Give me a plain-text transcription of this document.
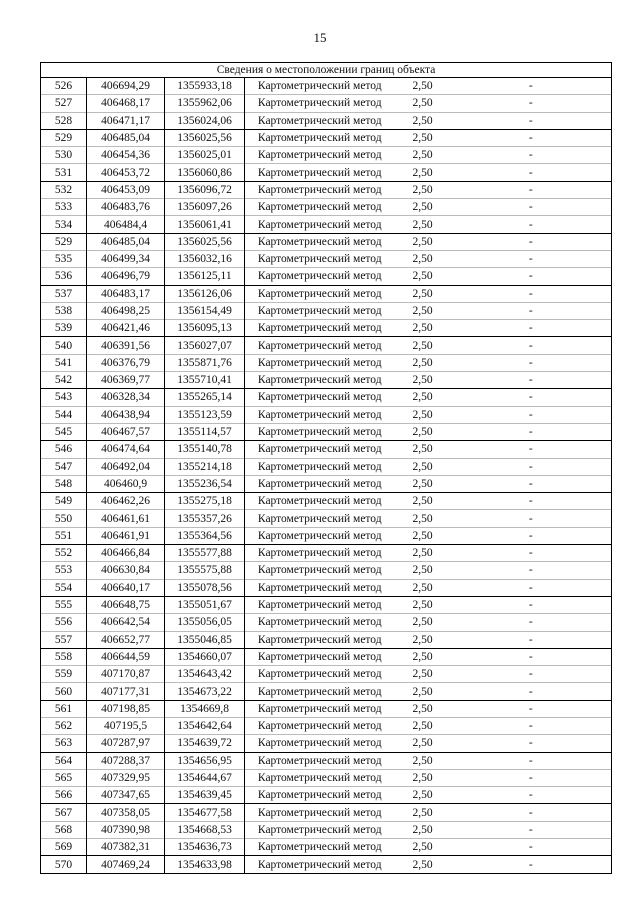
15
Сведения о местоположении границ объекта					
526	406694,29	1355933,18	Картометрический метод	2,50	-
527	406468,17	1355962,06	Картометрический метод	2,50	-
528	406471,17	1356024,06	Картометрический метод	2,50	-
529	406485,04	1356025,56	Картометрический метод	2,50	-
530	406454,36	1356025,01	Картометрический метод	2,50	-
531	406453,72	1356060,86	Картометрический метод	2,50	-
532	406453,09	1356096,72	Картометрический метод	2,50	-
533	406483,76	1356097,26	Картометрический метод	2,50	-
534	406484,4	1356061,41	Картометрический метод	2,50	-
529	406485,04	1356025,56	Картометрический метод	2,50	-
535	406499,34	1356032,16	Картометрический метод	2,50	-
536	406496,79	1356125,11	Картометрический метод	2,50	-
537	406483,17	1356126,06	Картометрический метод	2,50	-
538	406498,25	1356154,49	Картометрический метод	2,50	-
539	406421,46	1356095,13	Картометрический метод	2,50	-
540	406391,56	1356027,07	Картометрический метод	2,50	-
541	406376,79	1355871,76	Картометрический метод	2,50	-
542	406369,77	1355710,41	Картометрический метод	2,50	-
543	406328,34	1355265,14	Картометрический метод	2,50	-
544	406438,94	1355123,59	Картометрический метод	2,50	-
545	406467,57	1355114,57	Картометрический метод	2,50	-
546	406474,64	1355140,78	Картометрический метод	2,50	-
547	406492,04	1355214,18	Картометрический метод	2,50	-
548	406460,9	1355236,54	Картометрический метод	2,50	-
549	406462,26	1355275,18	Картометрический метод	2,50	-
550	406461,61	1355357,26	Картометрический метод	2,50	-
551	406461,91	1355364,56	Картометрический метод	2,50	-
552	406466,84	1355577,88	Картометрический метод	2,50	-
553	406630,84	1355575,88	Картометрический метод	2,50	-
554	406640,17	1355078,56	Картометрический метод	2,50	-
555	406648,75	1355051,67	Картометрический метод	2,50	-
556	406642,54	1355056,05	Картометрический метод	2,50	-
557	406652,77	1355046,85	Картометрический метод	2,50	-
558	406644,59	1354660,07	Картометрический метод	2,50	-
559	407170,87	1354643,42	Картометрический метод	2,50	-
560	407177,31	1354673,22	Картометрический метод	2,50	-
561	407198,85	1354669,8	Картометрический метод	2,50	-
562	407195,5	1354642,64	Картометрический метод	2,50	-
563	407287,97	1354639,72	Картометрический метод	2,50	-
564	407288,37	1354656,95	Картометрический метод	2,50	-
565	407329,95	1354644,67	Картометрический метод	2,50	-
566	407347,65	1354639,45	Картометрический метод	2,50	-
567	407358,05	1354677,58	Картометрический метод	2,50	-
568	407390,98	1354668,53	Картометрический метод	2,50	-
569	407382,31	1354636,73	Картометрический метод	2,50	-
570	407469,24	1354633,98	Картометрический метод	2,50	-
